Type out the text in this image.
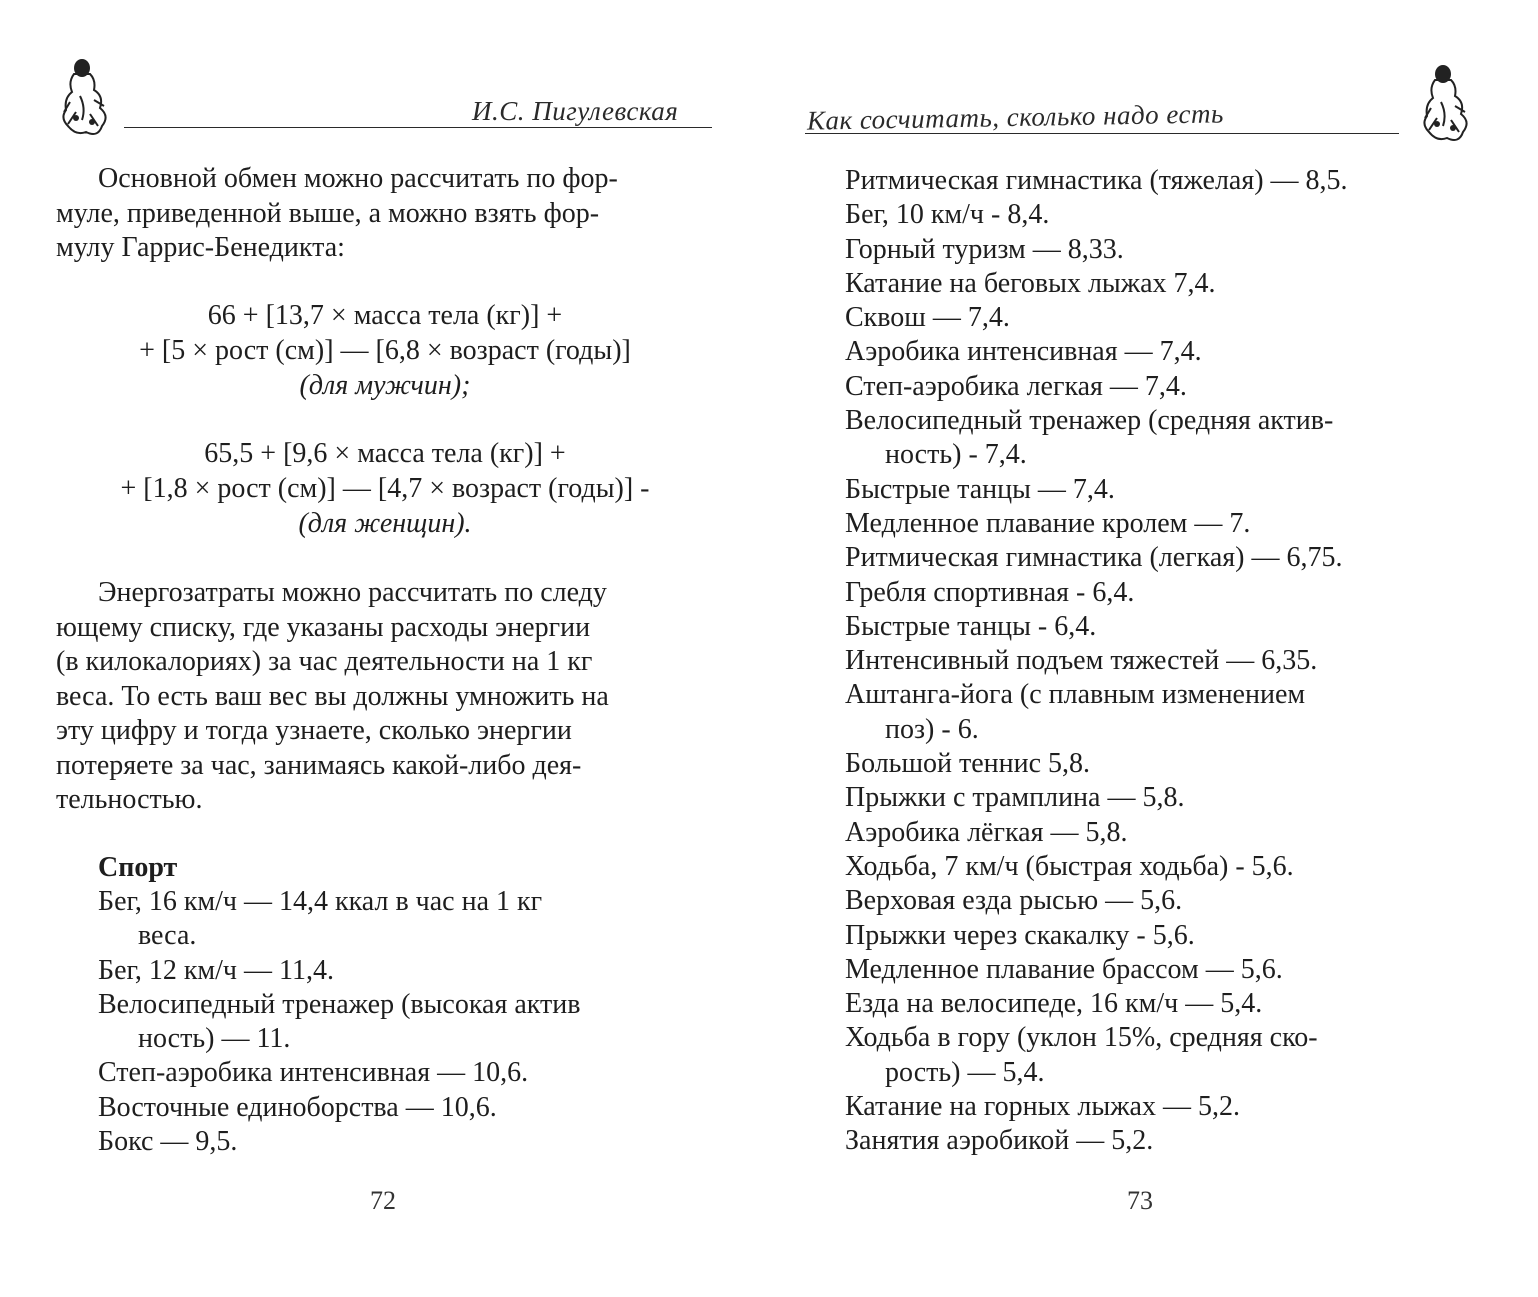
И.С. Пигулевская
Основной обмен можно рассчитать по фор-
муле, приведенной выше, а можно взять фор-
мулу Гаррис-Бенедикта:
66 + [13,7 × масса тела (кг)] +
+ [5 × рост (см)] — [6,8 × возраст (годы)]
(для мужчин);
65,5 + [9,6 × масса тела (кг)] +
+ [1,8 × рост (см)] — [4,7 × возраст (годы)] -
(для женщин).
Энергозатраты можно рассчитать по следу
ющему списку, где указаны расходы энергии
(в килокалориях) за час деятельности на 1 кг
веса. То есть ваш вес вы должны умножить на
эту цифру и тогда узнаете, сколько энергии
потеряете за час, занимаясь какой-либо дея-
тельностью.
Спорт
Бег, 16 км/ч — 14,4 ккал в час на 1 кг
веса.
Бег, 12 км/ч — 11,4.
Велосипедный тренажер (высокая актив
ность) — 11.
Степ-аэробика интенсивная — 10,6.
Восточные единоборства — 10,6.
Бокс — 9,5.
72
Как сосчитать, сколько надо есть
Ритмическая гимнастика (тяжелая) — 8,5.
Бег, 10 км/ч - 8,4.
Горный туризм — 8,33.
Катание на беговых лыжах 7,4.
Сквош — 7,4.
Аэробика интенсивная — 7,4.
Степ-аэробика легкая — 7,4.
Велосипедный тренажер (средняя актив-
ность) - 7,4.
Быстрые танцы — 7,4.
Медленное плавание кролем — 7.
Ритмическая гимнастика (легкая) — 6,75.
Гребля спортивная - 6,4.
Быстрые танцы - 6,4.
Интенсивный подъем тяжестей — 6,35.
Аштанга-йога (с плавным изменением
поз) - 6.
Большой теннис 5,8.
Прыжки с трамплина — 5,8.
Аэробика лёгкая — 5,8.
Ходьба, 7 км/ч (быстрая ходьба) - 5,6.
Верховая езда рысью — 5,6.
Прыжки через скакалку - 5,6.
Медленное плавание брассом — 5,6.
Езда на велосипеде, 16 км/ч — 5,4.
Ходьба в гору (уклон 15%, средняя ско-
рость) — 5,4.
Катание на горных лыжах — 5,2.
Занятия аэробикой — 5,2.
73
